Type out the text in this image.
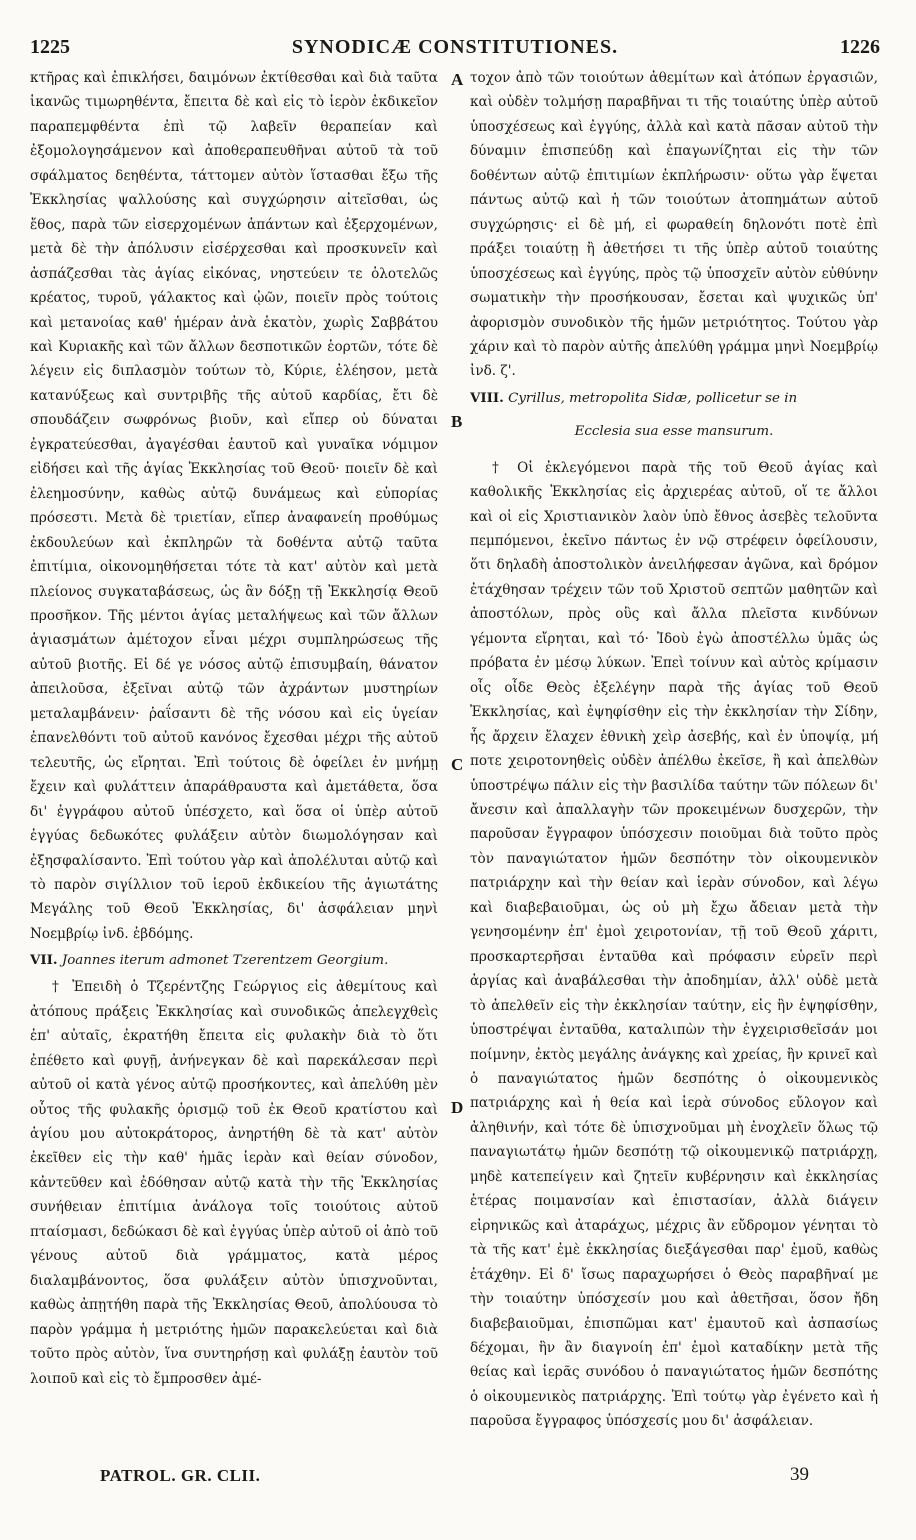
1225	SYNODICÆ CONSTITUTIONES.	1226

κτῆρας καὶ ἐπικλήσει, δαιμόνων ἐκτίθεσθαι καὶ διὰ ταῦτα ἱκανῶς τιμωρηθέντα, ἔπειτα δὲ καὶ εἰς τὸ ἱερὸν ἐκδικεῖον παραπεμφθέντα ἐπὶ τῷ λαβεῖν θεραπείαν καὶ ἐξομολογησάμενον καὶ ἀποθεραπευθῆναι αὐτοῦ τὰ τοῦ σφάλματος δεηθέντα, τάττομεν αὐτὸν ἵστασθαι ἔξω τῆς Ἐκκλησίας ψαλλούσης καὶ συγχώρησιν αἰτεῖσθαι, ὡς ἔθος, παρὰ τῶν εἰσερχομένων ἁπάντων καὶ ἐξερχομένων, μετὰ δὲ τὴν ἀπόλυσιν εἰσέρχεσθαι καὶ προσκυνεῖν καὶ ἀσπάζεσθαι τὰς ἁγίας εἰκόνας, νηστεύειν τε ὁλοτελῶς κρέατος, τυροῦ, γάλακτος καὶ ᾠῶν, ποιεῖν πρὸς τούτοις καὶ μετανοίας καθ' ἡμέραν ἀνὰ ἑκατὸν, χωρὶς Σαββάτου καὶ Κυριακῆς καὶ τῶν ἄλλων δεσποτικῶν ἑορτῶν, τότε δὲ λέγειν εἰς διπλασμὸν τούτων τὸ, Κύριε, ἐλέησον, μετὰ κατανύξεως καὶ συντριβῆς τῆς αὐτοῦ καρδίας, ἔτι δὲ σπουδάζειν σωφρόνως βιοῦν, καὶ εἴπερ οὐ δύναται ἐγκρατεύεσθαι, ἀγαγέσθαι ἑαυτοῦ καὶ γυναῖκα νόμιμον εἰδήσει καὶ τῆς ἁγίας Ἐκκλησίας τοῦ Θεοῦ· ποιεῖν δὲ καὶ ἐλεημοσύνην, καθὼς αὐτῷ δυνάμεως καὶ εὐπορίας πρόσεστι. Μετὰ δὲ τριετίαν, εἴπερ ἀναφανείη προθύμως ἐκδουλεύων καὶ ἐκπληρῶν τὰ δοθέντα αὐτῷ ταῦτα ἐπιτίμια, οἰκονομηθήσεται τότε τὰ κατ' αὐτὸν καὶ μετὰ πλείονος συγκαταβάσεως, ὡς ἂν δόξῃ τῇ Ἐκκλησίᾳ Θεοῦ προσῆκον. Τῆς μέντοι ἁγίας μεταλήψεως καὶ τῶν ἄλλων ἁγιασμάτων ἀμέτοχον εἶναι μέχρι συμπληρώσεως τῆς αὐτοῦ βιοτῆς. Εἰ δέ γε νόσος αὐτῷ ἐπισυμβαίη, θάνατον ἀπειλοῦσα, ἐξεῖναι αὐτῷ τῶν ἀχράντων μυστηρίων μεταλαμβάνειν· ῥαΐσαντι δὲ τῆς νόσου καὶ εἰς ὑγείαν ἐπανελθόντι τοῦ αὐτοῦ κανόνος ἔχεσθαι μέχρι τῆς αὐτοῦ τελευτῆς, ὡς εἴρηται. Ἐπὶ τούτοις δὲ ὀφείλει ἐν μνήμῃ ἔχειν καὶ φυλάττειν ἀπαράθραυστα καὶ ἀμετάθετα, ὅσα δι' ἐγγράφου αὐτοῦ ὑπέσχετο, καὶ ὅσα οἱ ὑπὲρ αὐτοῦ ἐγγύας δεδωκότες φυλάξειν αὐτὸν διωμολόγησαν καὶ ἐξησφαλίσαντο. Ἐπὶ τούτου γὰρ καὶ ἀπολέλυται αὐτῷ καὶ τὸ παρὸν σιγίλλιον τοῦ ἱεροῦ ἐκδικείου τῆς ἁγιωτάτης Μεγάλης τοῦ Θεοῦ Ἐκκλησίας, δι' ἀσφάλειαν μηνὶ Νοεμβρίῳ ἰνδ. ἑβδόμης.

VII. Joannes iterum admonet Tzerentzem Georgium.

† Ἐπειδὴ ὁ Τζερέντζης Γεώργιος εἰς ἀθεμίτους καὶ ἀτόπους πράξεις Ἐκκλησίας καὶ συνοδικῶς ἀπελεγχθεὶς ἐπ' αὐταῖς, ἐκρατήθη ἔπειτα εἰς φυλακὴν διὰ τὸ ὅτι ἐπέθετο καὶ φυγῇ, ἀνήνεγκαν δὲ καὶ παρεκάλεσαν περὶ αὐτοῦ οἱ κατὰ γένος αὐτῷ προσήκοντες, καὶ ἀπελύθη μὲν οὗτος τῆς φυλακῆς ὁρισμῷ τοῦ ἐκ Θεοῦ κρατίστου καὶ ἁγίου μου αὐτοκράτορος, ἀνηρτήθη δὲ τὰ κατ' αὐτὸν ἐκεῖθεν εἰς τὴν καθ' ἡμᾶς ἱερὰν καὶ θείαν σύνοδον, κἀντεῦθεν καὶ ἐδόθησαν αὐτῷ κατὰ τὴν τῆς Ἐκκλησίας συνήθειαν ἐπιτίμια ἀνάλογα τοῖς τοιούτοις αὐτοῦ πταίσμασι, δεδώκασι δὲ καὶ ἐγγύας ὑπὲρ αὐτοῦ οἱ ἀπὸ τοῦ γένους αὐτοῦ διὰ γράμματος, κατὰ μέρος διαλαμβάνοντος, ὅσα φυλάξειν αὐτὸν ὑπισχνοῦνται, καθὼς ἀπῃτήθη παρὰ τῆς Ἐκκλησίας Θεοῦ, ἀπολύουσα τὸ παρὸν γράμμα ἡ μετριότης ἡμῶν παρακελεύεται καὶ διὰ τοῦτο πρὸς αὐτὸν, ἵνα συντηρήσῃ καὶ φυλάξῃ ἑαυτὸν τοῦ λοιποῦ καὶ εἰς τὸ ἔμπροσθεν ἀμέ-

τοχον ἀπὸ τῶν τοιούτων ἀθεμίτων καὶ ἀτόπων ἐργασιῶν, καὶ οὐδὲν τολμήσῃ παραβῆναι τι τῆς τοιαύτης ὑπὲρ αὐτοῦ ὑποσχέσεως καὶ ἐγγύης, ἀλλὰ καὶ κατὰ πᾶσαν αὐτοῦ τὴν δύναμιν ἐπισπεύδῃ καὶ ἐπαγωνίζηται εἰς τὴν τῶν δοθέντων αὐτῷ ἐπιτιμίων ἐκπλήρωσιν· οὕτω γὰρ ἕψεται πάντως αὐτῷ καὶ ἡ τῶν τοιούτων ἀτοπημάτων αὐτοῦ συγχώρησις· εἰ δὲ μή, εἰ φωραθείη δηλονότι ποτὲ ἐπὶ πράξει τοιαύτῃ ἢ ἀθετήσει τι τῆς ὑπὲρ αὐτοῦ τοιαύτης ὑποσχέσεως καὶ ἐγγύης, πρὸς τῷ ὑποσχεῖν αὐτὸν εὐθύνην σωματικὴν τὴν προσήκουσαν, ἔσεται καὶ ψυχικῶς ὑπ' ἀφορισμὸν συνοδικὸν τῆς ἡμῶν μετριότητος. Τούτου γὰρ χάριν καὶ τὸ παρὸν αὐτῆς ἀπελύθη γράμμα μηνὶ Νοεμβρίῳ ἰνδ. ζ'.

VIII. Cyrillus, metropolita Sidæ, pollicetur se in

Ecclesia sua esse mansurum.

† Οἱ ἐκλεγόμενοι παρὰ τῆς τοῦ Θεοῦ ἁγίας καὶ καθολικῆς Ἐκκλησίας εἰς ἀρχιερέας αὐτοῦ, οἵ τε ἄλλοι καὶ οἱ εἰς Χριστιανικὸν λαὸν ὑπὸ ἔθνος ἀσεβὲς τελοῦντα πεμπόμενοι, ἐκεῖνο πάντως ἐν νῷ στρέφειν ὀφείλουσιν, ὅτι δηλαδὴ ἀποστολικὸν ἀνειλήφεσαν ἀγῶνα, καὶ δρόμον ἐτάχθησαν τρέχειν τῶν τοῦ Χριστοῦ σεπτῶν μαθητῶν καὶ ἀποστόλων, πρὸς οὓς καὶ ἄλλα πλεῖστα κινδύνων γέμοντα εἴρηται, καὶ τό· Ἰδοὺ ἐγὼ ἀποστέλλω ὑμᾶς ὡς πρόβατα ἐν μέσῳ λύκων. Ἐπεὶ τοίνυν καὶ αὐτὸς κρίμασιν οἷς οἶδε Θεὸς ἐξελέγην παρὰ τῆς ἁγίας τοῦ Θεοῦ Ἐκκλησίας, καὶ ἐψηφίσθην εἰς τὴν ἐκκλησίαν τὴν Σίδην, ἧς ἄρχειν ἔλαχεν ἐθνικὴ χεὶρ ἀσεβής, καὶ ἐν ὑποψίᾳ, μή ποτε χειροτονηθεὶς οὐδὲν ἀπέλθω ἐκεῖσε, ἢ καὶ ἀπελθὼν ὑποστρέψω πάλιν εἰς τὴν βασιλίδα ταύτην τῶν πόλεων δι' ἄνεσιν καὶ ἀπαλλαγὴν τῶν προκειμένων δυσχερῶν, τὴν παροῦσαν ἔγγραφον ὑπόσχεσιν ποιοῦμαι διὰ τοῦτο πρὸς τὸν παναγιώτατον ἡμῶν δεσπότην τὸν οἰκουμενικὸν πατριάρχην καὶ τὴν θείαν καὶ ἱερὰν σύνοδον, καὶ λέγω καὶ διαβεβαιοῦμαι, ὡς οὐ μὴ ἔχω ἄδειαν μετὰ τὴν γενησομένην ἐπ' ἐμοὶ χειροτονίαν, τῇ τοῦ Θεοῦ χάριτι, προσκαρτερῆσαι ἐνταῦθα καὶ πρόφασιν εὑρεῖν περὶ ἀργίας καὶ ἀναβάλεσθαι τὴν ἀποδημίαν, ἀλλ' οὐδὲ μετὰ τὸ ἀπελθεῖν εἰς τὴν ἐκκλησίαν ταύτην, εἰς ἣν ἐψηφίσθην, ὑποστρέψαι ἐνταῦθα, καταλιπὼν τὴν ἐγχειρισθεῖσάν μοι ποίμνην, ἐκτὸς μεγάλης ἀνάγκης καὶ χρείας, ἣν κρινεῖ καὶ ὁ παναγιώτατος ἡμῶν δεσπότης ὁ οἰκουμενικὸς πατριάρχης καὶ ἡ θεία καὶ ἱερὰ σύνοδος εὔλογον καὶ ἀληθινήν, καὶ τότε δὲ ὑπισχνοῦμαι μὴ ἐνοχλεῖν ὅλως τῷ παναγιωτάτῳ ἡμῶν δεσπότῃ τῷ οἰκουμενικῷ πατριάρχῃ, μηδὲ κατεπείγειν καὶ ζητεῖν κυβέρνησιν καὶ ἐκκλησίας ἑτέρας ποιμανσίαν καὶ ἐπιστασίαν, ἀλλὰ διάγειν εἰρηνικῶς καὶ ἀταράχως, μέχρις ἂν εὔδρομον γένηται τὸ τὰ τῆς κατ' ἐμὲ ἐκκλησίας διεξάγεσθαι παρ' ἐμοῦ, καθὼς ἐτάχθην. Εἰ δ' ἴσως παραχωρήσει ὁ Θεὸς παραβῆναί με τὴν τοιαύτην ὑπόσχεσίν μου καὶ ἀθετῆσαι, ὅσον ἤδη διαβεβαιοῦμαι, ἐπισπῶμαι κατ' ἐμαυτοῦ καὶ ἀσπασίως δέχομαι, ἣν ἂν διαγνοίη ἐπ' ἐμοὶ καταδίκην μετὰ τῆς θείας καὶ ἱερᾶς συνόδου ὁ παναγιώτατος ἡμῶν δεσπότης ὁ οἰκουμενικὸς πατριάρχης. Ἐπὶ τούτῳ γὰρ ἐγένετο καὶ ἡ παροῦσα ἔγγραφος ὑπόσχεσίς μου δι' ἀσφάλειαν.

A
B
C
D
PATROL. GR. CLII.	39
